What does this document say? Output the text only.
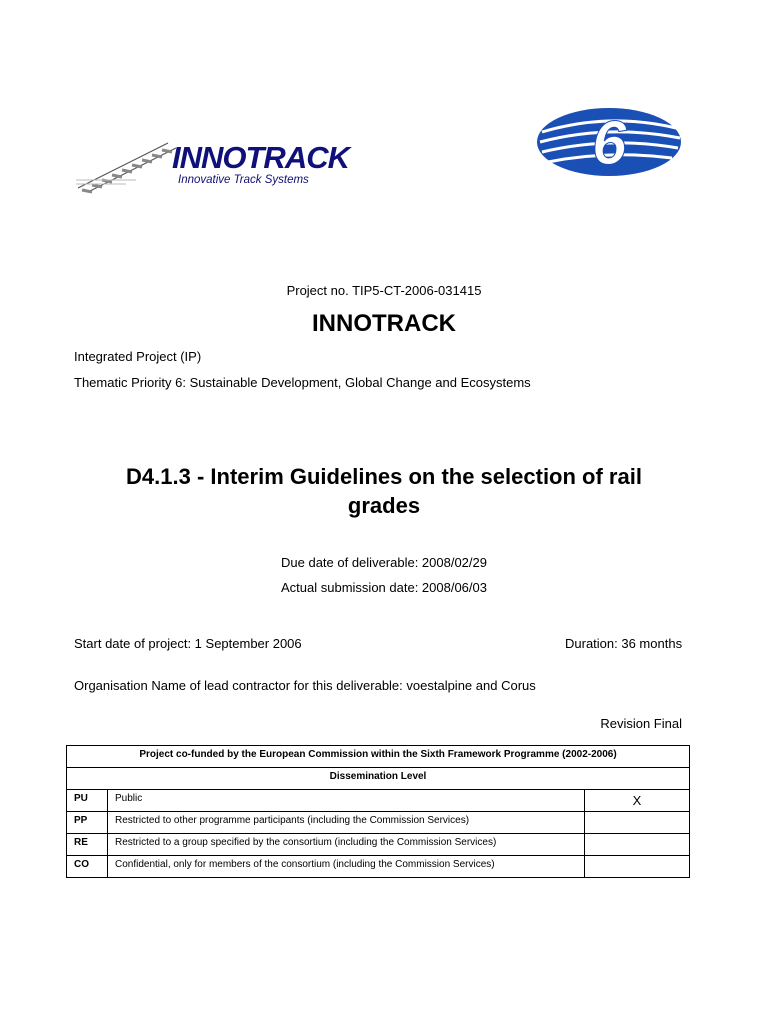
INNOTRACK
Innovative Track Systems
6
Project no. TIP5-CT-2006-031415
INNOTRACK
Integrated Project (IP)
Thematic Priority 6: Sustainable Development, Global Change and Ecosystems
D4.1.3 - Interim Guidelines on the selection of rail
grades
Due date of deliverable: 2008/02/29
Actual submission date: 2008/06/03
Start date of project: 1 September 2006	Duration: 36 months
Organisation Name of lead contractor for this deliverable: voestalpine and Corus
Revision Final
Project co-funded by the European Commission within the Sixth Framework Programme (2002-2006)		
Dissemination Level		
PU	Public	X
PP	Restricted to other programme participants (including the Commission Services)	
RE	Restricted to a group specified by the consortium (including the Commission Services)	
CO	Confidential, only for members of the consortium (including the Commission Services)	
